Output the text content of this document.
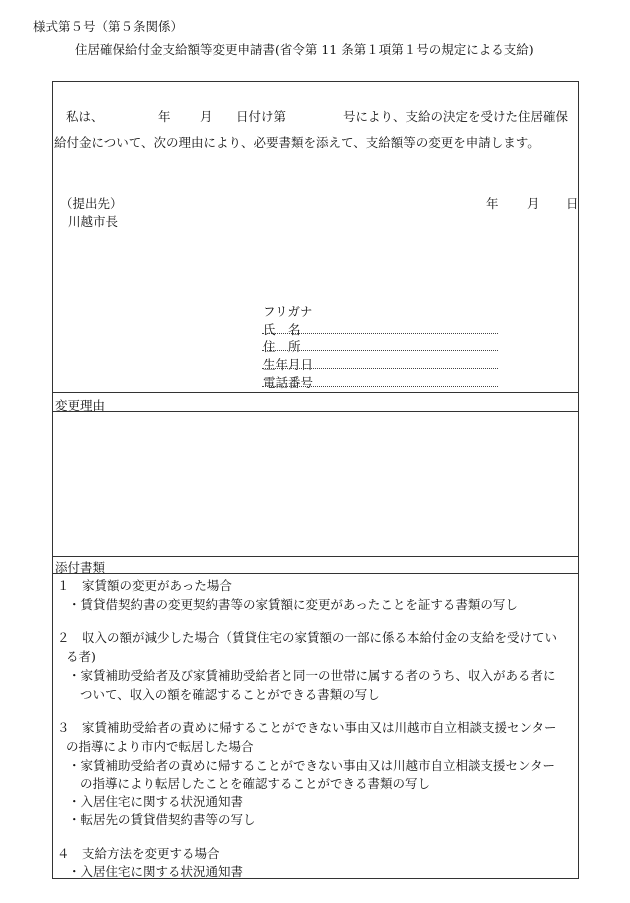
様式第５号（第５条関係）
住居確保給付金支給額等変更申請書(省令第 11 条第１項第１号の規定による支給)
私は、	年 月 日付け第	号により、支給の決定を受けた住居確保
給付金について、次の理由により、必要書類を添えて、支給額等の変更を申請します。
（提出先）
川越市長
年 月 日
フリガナ
氏　名
住　所
生年月日
電話番号
変更理由
添付書類
１　家賃額の変更があった場合
・賃貸借契約書の変更契約書等の家賃額に変更があったことを証する書類の写し
２　収入の額が減少した場合（賃貸住宅の家賃額の一部に係る本給付金の支給を受けてい
る者)
・家賃補助受給者及び家賃補助受給者と同一の世帯に属する者のうち、収入がある者に
ついて、収入の額を確認することができる書類の写し
３　家賃補助受給者の責めに帰することができない事由又は川越市自立相談支援センター
の指導により市内で転居した場合
・家賃補助受給者の責めに帰することができない事由又は川越市自立相談支援センター
の指導により転居したことを確認することができる書類の写し
・入居住宅に関する状況通知書
・転居先の賃貸借契約書等の写し
４　支給方法を変更する場合
・入居住宅に関する状況通知書
